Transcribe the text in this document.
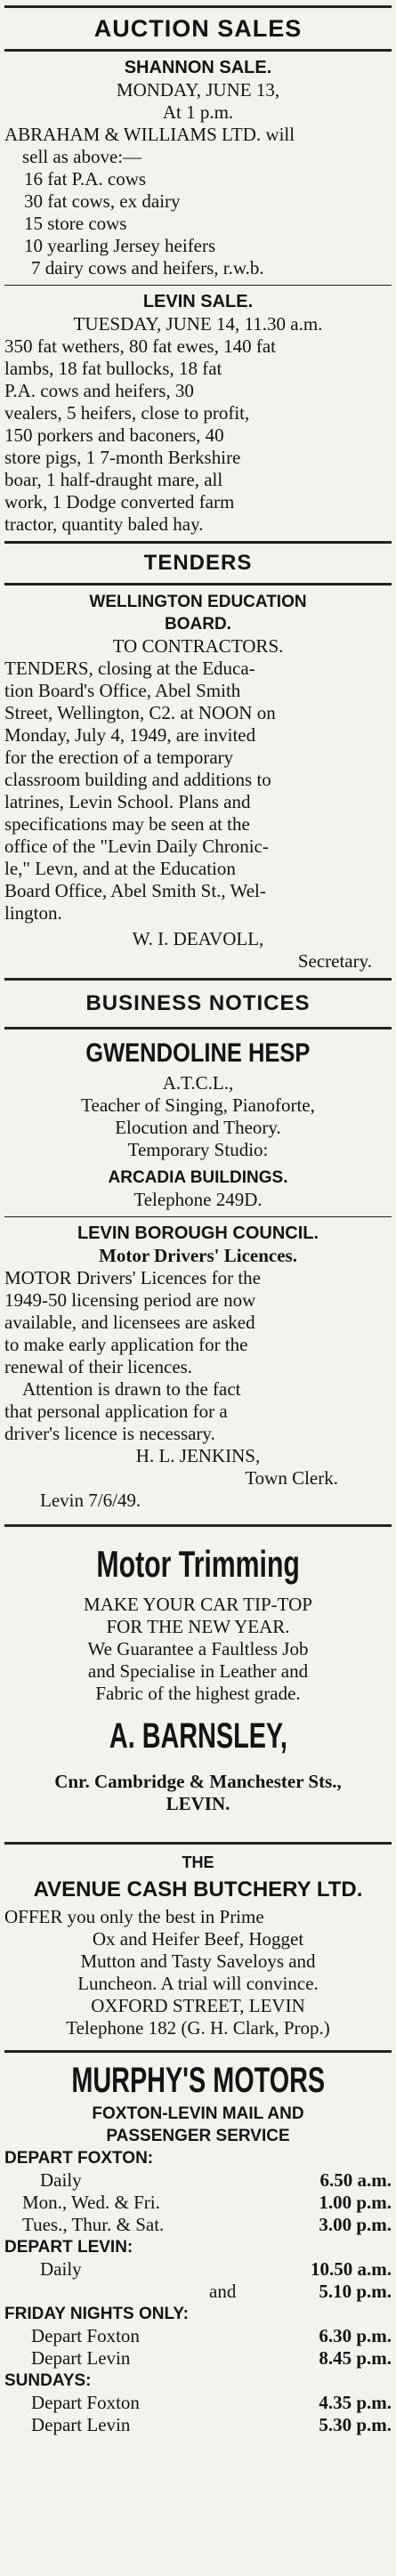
AUCTION SALES

SHANNON SALE.

MONDAY, JUNE 13,

At 1 p.m.

ABRAHAM & WILLIAMS LTD. will

sell as above:—

16 fat P.A. cows

30 fat cows, ex dairy

15 store cows

10 yearling Jersey heifers

7 dairy cows and heifers, r.w.b.

LEVIN SALE.

TUESDAY, JUNE 14, 11.30 a.m.

350 fat wethers, 80 fat ewes, 140 fat

lambs, 18 fat bullocks, 18 fat

P.A. cows and heifers, 30

vealers, 5 heifers, close to profit,

150 porkers and baconers, 40

store pigs, 1 7-month Berkshire

boar, 1 half-draught mare, all

work, 1 Dodge converted farm

tractor, quantity baled hay.

TENDERS

WELLINGTON EDUCATION

BOARD.

TO CONTRACTORS.

TENDERS, closing at the Educa-

tion Board's Office, Abel Smith

Street, Wellington, C2. at NOON on

Monday, July 4, 1949, are invited

for the erection of a temporary

classroom building and additions to

latrines, Levin School. Plans and

specifications may be seen at the

office of the "Levin Daily Chronic-

le," Levn, and at the Education

Board Office, Abel Smith St., Wel-

lington.

W. I. DEAVOLL,

Secretary.

BUSINESS NOTICES

GWENDOLINE HESP

A.T.C.L.,

Teacher of Singing, Pianoforte,

Elocution and Theory.

Temporary Studio:

ARCADIA BUILDINGS.

Telephone 249D.

LEVIN BOROUGH COUNCIL.

Motor Drivers' Licences.

MOTOR Drivers' Licences for the

1949-50 licensing period are now

available, and licensees are asked

to make early application for the

renewal of their licences.

Attention is drawn to the fact

that personal application for a

driver's licence is necessary.

H. L. JENKINS,

Town Clerk.

Levin 7/6/49.

Motor Trimming

MAKE YOUR CAR TIP-TOP

FOR THE NEW YEAR.

We Guarantee a Faultless Job

and Specialise in Leather and

Fabric of the highest grade.

A. BARNSLEY,

Cnr. Cambridge & Manchester Sts.,

LEVIN.

THE

AVENUE CASH BUTCHERY LTD.

OFFER you only the best in Prime

Ox and Heifer Beef, Hogget

Mutton and Tasty Saveloys and

Luncheon. A trial will convince.

OXFORD STREET, LEVIN

Telephone 182 (G. H. Clark, Prop.)

MURPHY'S MOTORS

FOXTON-LEVIN MAIL AND

PASSENGER SERVICE

DEPART FOXTON:

Daily	6.50 a.m.
Mon., Wed. & Fri.	1.00 p.m.
Tues., Thur. & Sat.	3.00 p.m.

DEPART LEVIN:

Daily	10.50 a.m.
and	5.10 p.m.

FRIDAY NIGHTS ONLY:

Depart Foxton	6.30 p.m.
Depart Levin	8.45 p.m.

SUNDAYS:

Depart Foxton	4.35 p.m.
Depart Levin	5.30 p.m.
